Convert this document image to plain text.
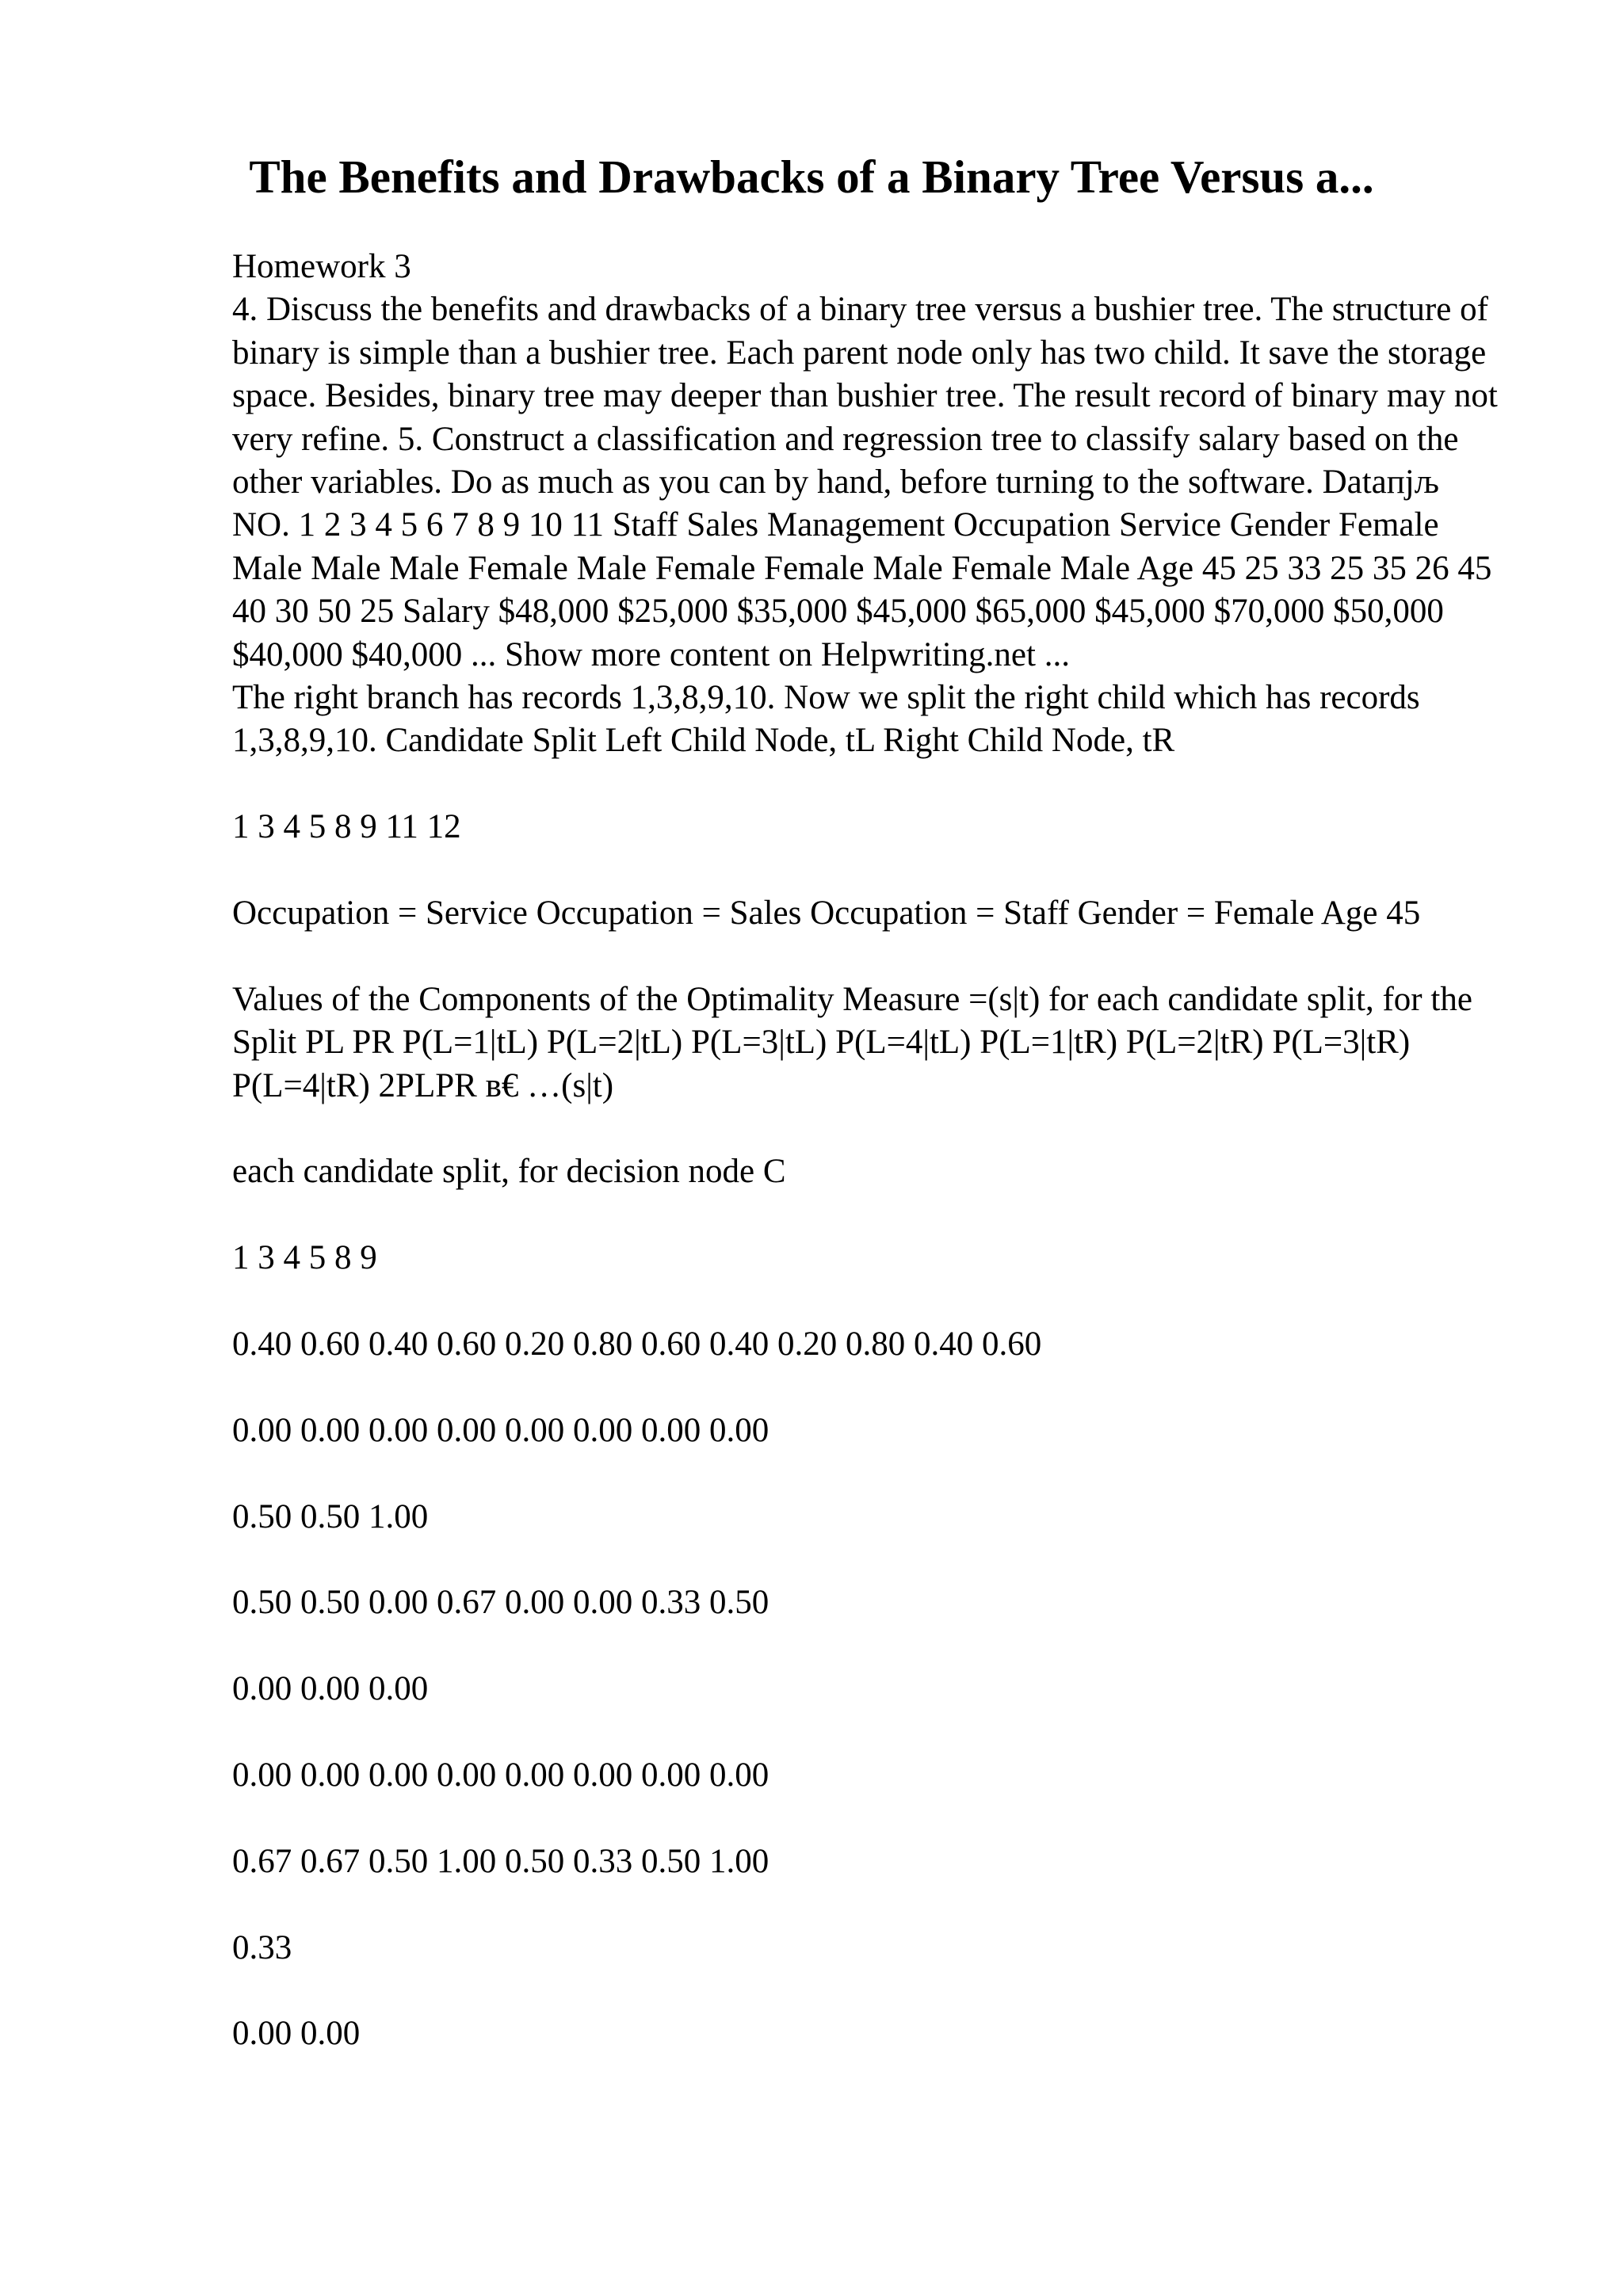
The Benefits and Drawbacks of a Binary Tree Versus a...

Homework 3

4. Discuss the benefits and drawbacks of a binary tree versus a bushier tree. The structure of binary is simple than a bushier tree. Each parent node only has two child. It save the storage space. Besides, binary tree may deeper than bushier tree. The result record of binary may not very refine. 5. Construct a classification and regression tree to classify salary based on the other variables. Do as much as you can by hand, before turning to the software. Dataпјљ NO. 1 2 3 4 5 6 7 8 9 10 11 Staff Sales Management Occupation Service Gender Female Male Male Male Female Male Female Female Male Female Male Age 45 25 33 25 35 26 45 40 30 50 25 Salary $48,000 $25,000 $35,000 $45,000 $65,000 $45,000 $70,000 $50,000 $40,000 $40,000 ... Show more content on Helpwriting.net ...

The right branch has records 1,3,8,9,10. Now we split the right child which has records 1,3,8,9,10. Candidate Split Left Child Node, tL Right Child Node, tR

1 3 4 5 8 9 11 12

Occupation = Service Occupation = Sales Occupation = Staff Gender = Female Age 45

Values of the Components of the Optimality Measure =(s|t) for each candidate split, for the Split PL PR P(L=1|tL) P(L=2|tL) P(L=3|tL) P(L=4|tL) P(L=1|tR) P(L=2|tR) P(L=3|tR) P(L=4|tR) 2PLPR в€ …(s|t)

each candidate split, for decision node C

1 3 4 5 8 9

0.40 0.60 0.40 0.60 0.20 0.80 0.60 0.40 0.20 0.80 0.40 0.60

0.00 0.00 0.00 0.00 0.00 0.00 0.00 0.00

0.50 0.50 1.00

0.50 0.50 0.00 0.67 0.00 0.00 0.33 0.50

0.00 0.00 0.00

0.00 0.00 0.00 0.00 0.00 0.00 0.00 0.00

0.67 0.67 0.50 1.00 0.50 0.33 0.50 1.00

0.33

0.00 0.00
